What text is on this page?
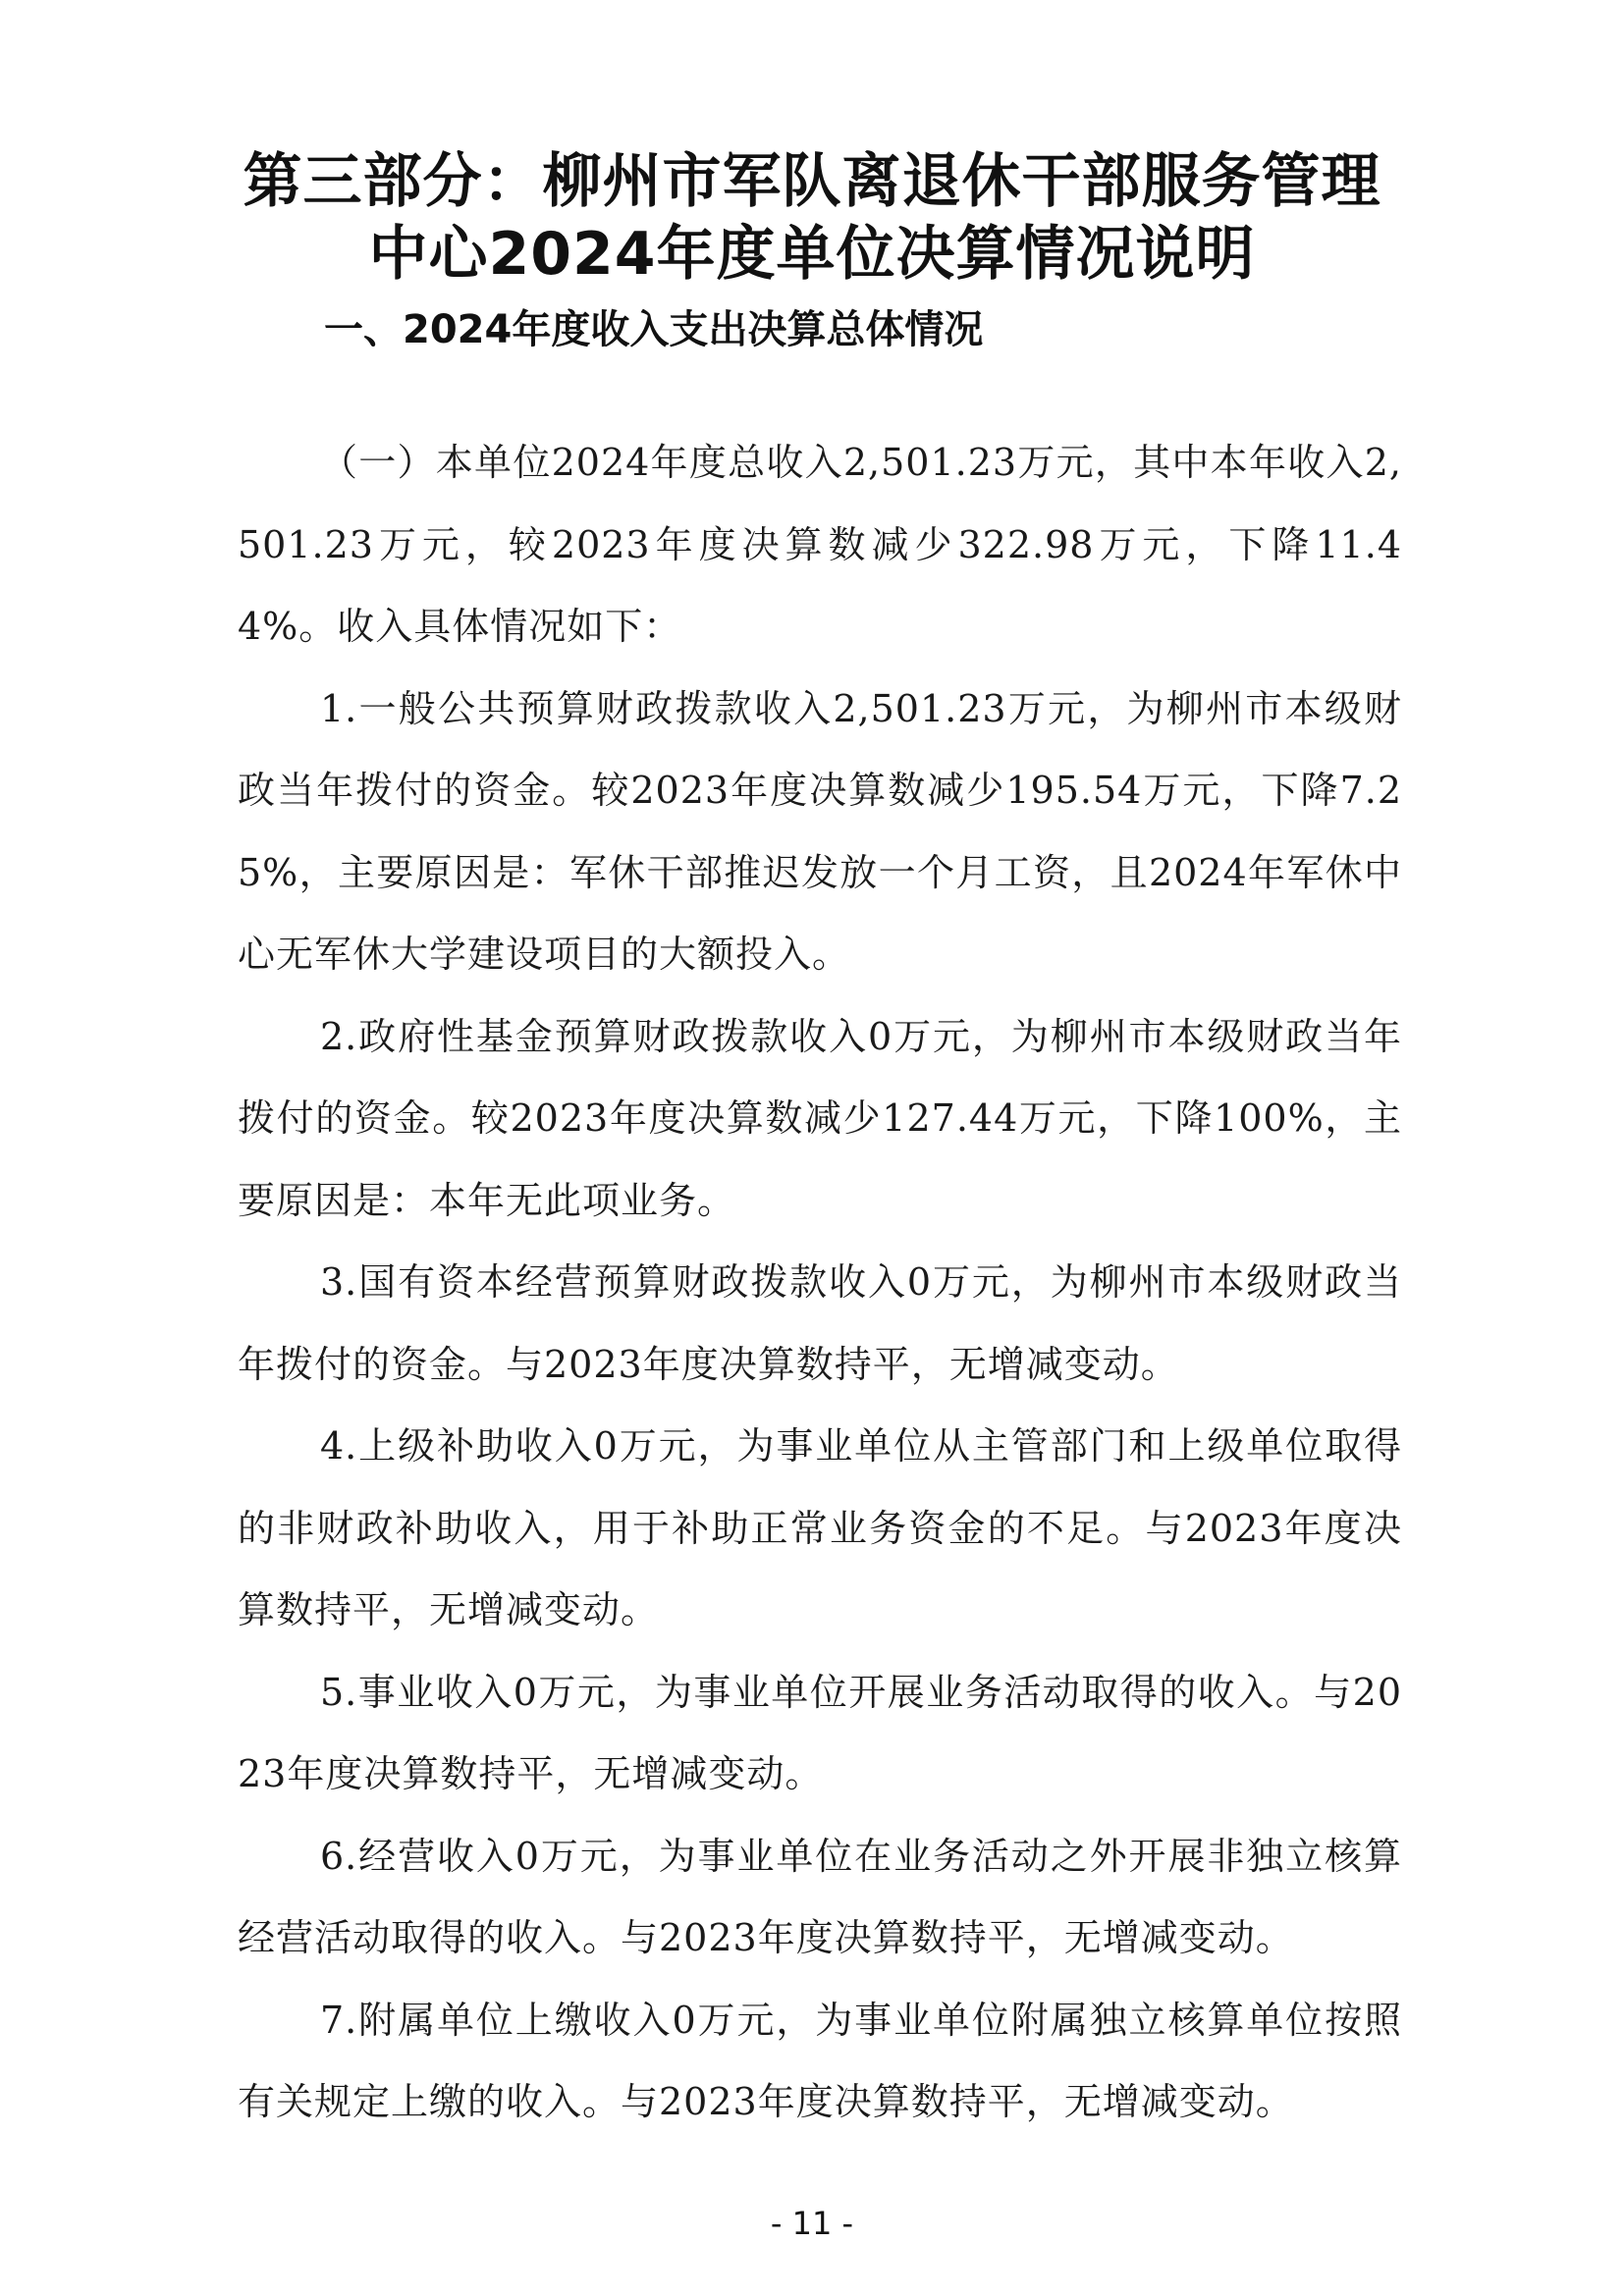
第三部分：柳州市军队离退休干部服务管理
中心2024年度单位决算情况说明
一、2024年度收入支出决算总体情况

（一）本单位2024年度总收入2,501.23万元，其中本年收入2,501.23万元，较2023年度决算数减少322.98万元，下降11.44%。收入具体情况如下：

1.一般公共预算财政拨款收入2,501.23万元，为柳州市本级财政当年拨付的资金。较2023年度决算数减少195.54万元，下降7.25%，主要原因是：军休干部推迟发放一个月工资，且2024年军休中心无军休大学建设项目的大额投入。

2.政府性基金预算财政拨款收入0万元，为柳州市本级财政当年拨付的资金。较2023年度决算数减少127.44万元，下降100%，主要原因是：本年无此项业务。

3.国有资本经营预算财政拨款收入0万元，为柳州市本级财政当年拨付的资金。与2023年度决算数持平，无增减变动。

4.上级补助收入0万元，为事业单位从主管部门和上级单位取得的非财政补助收入，用于补助正常业务资金的不足。与2023年度决算数持平，无增减变动。

5.事业收入0万元，为事业单位开展业务活动取得的收入。与2023年度决算数持平，无增减变动。

6.经营收入0万元，为事业单位在业务活动之外开展非独立核算经营活动取得的收入。与2023年度决算数持平，无增减变动。

7.附属单位上缴收入0万元，为事业单位附属独立核算单位按照有关规定上缴的收入。与2023年度决算数持平，无增减变动。

- 11 -
